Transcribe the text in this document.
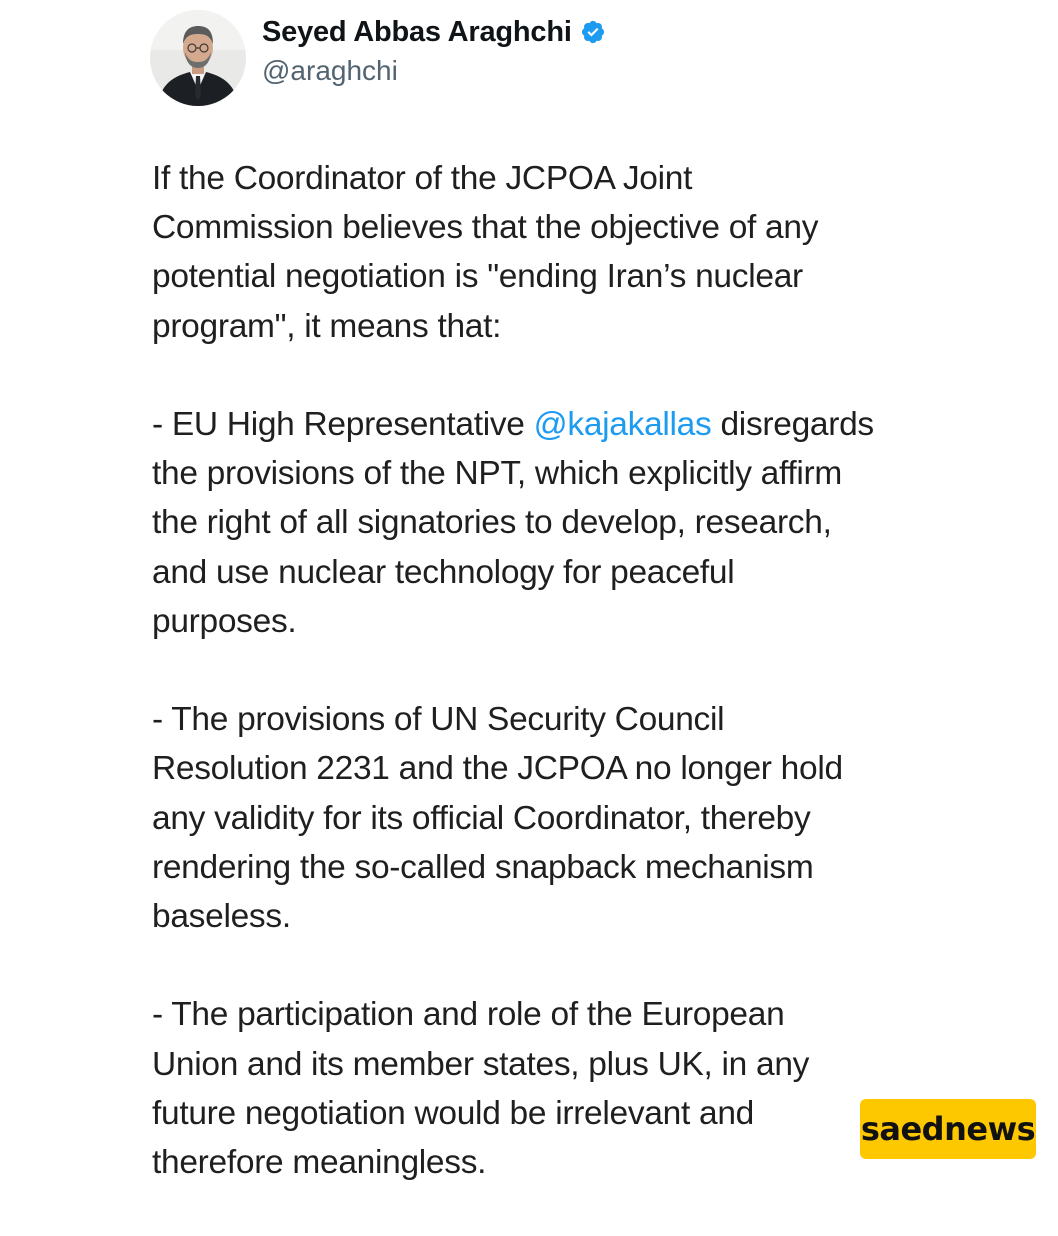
Seyed Abbas Araghchi
@araghchi

If the Coordinator of the JCPOA Joint
Commission believes that the objective of any
potential negotiation is "ending Iran’s nuclear
program", it means that:

- EU High Representative @kajakallas disregards
the provisions of the NPT, which explicitly affirm
the right of all signatories to develop, research,
and use nuclear technology for peaceful
purposes.

- The provisions of UN Security Council
Resolution 2231 and the JCPOA no longer hold
any validity for its official Coordinator, thereby
rendering the so-called snapback mechanism
baseless.

- The participation and role of the European
Union and its member states, plus UK, in any
future negotiation would be irrelevant and
therefore meaningless.

saednews
